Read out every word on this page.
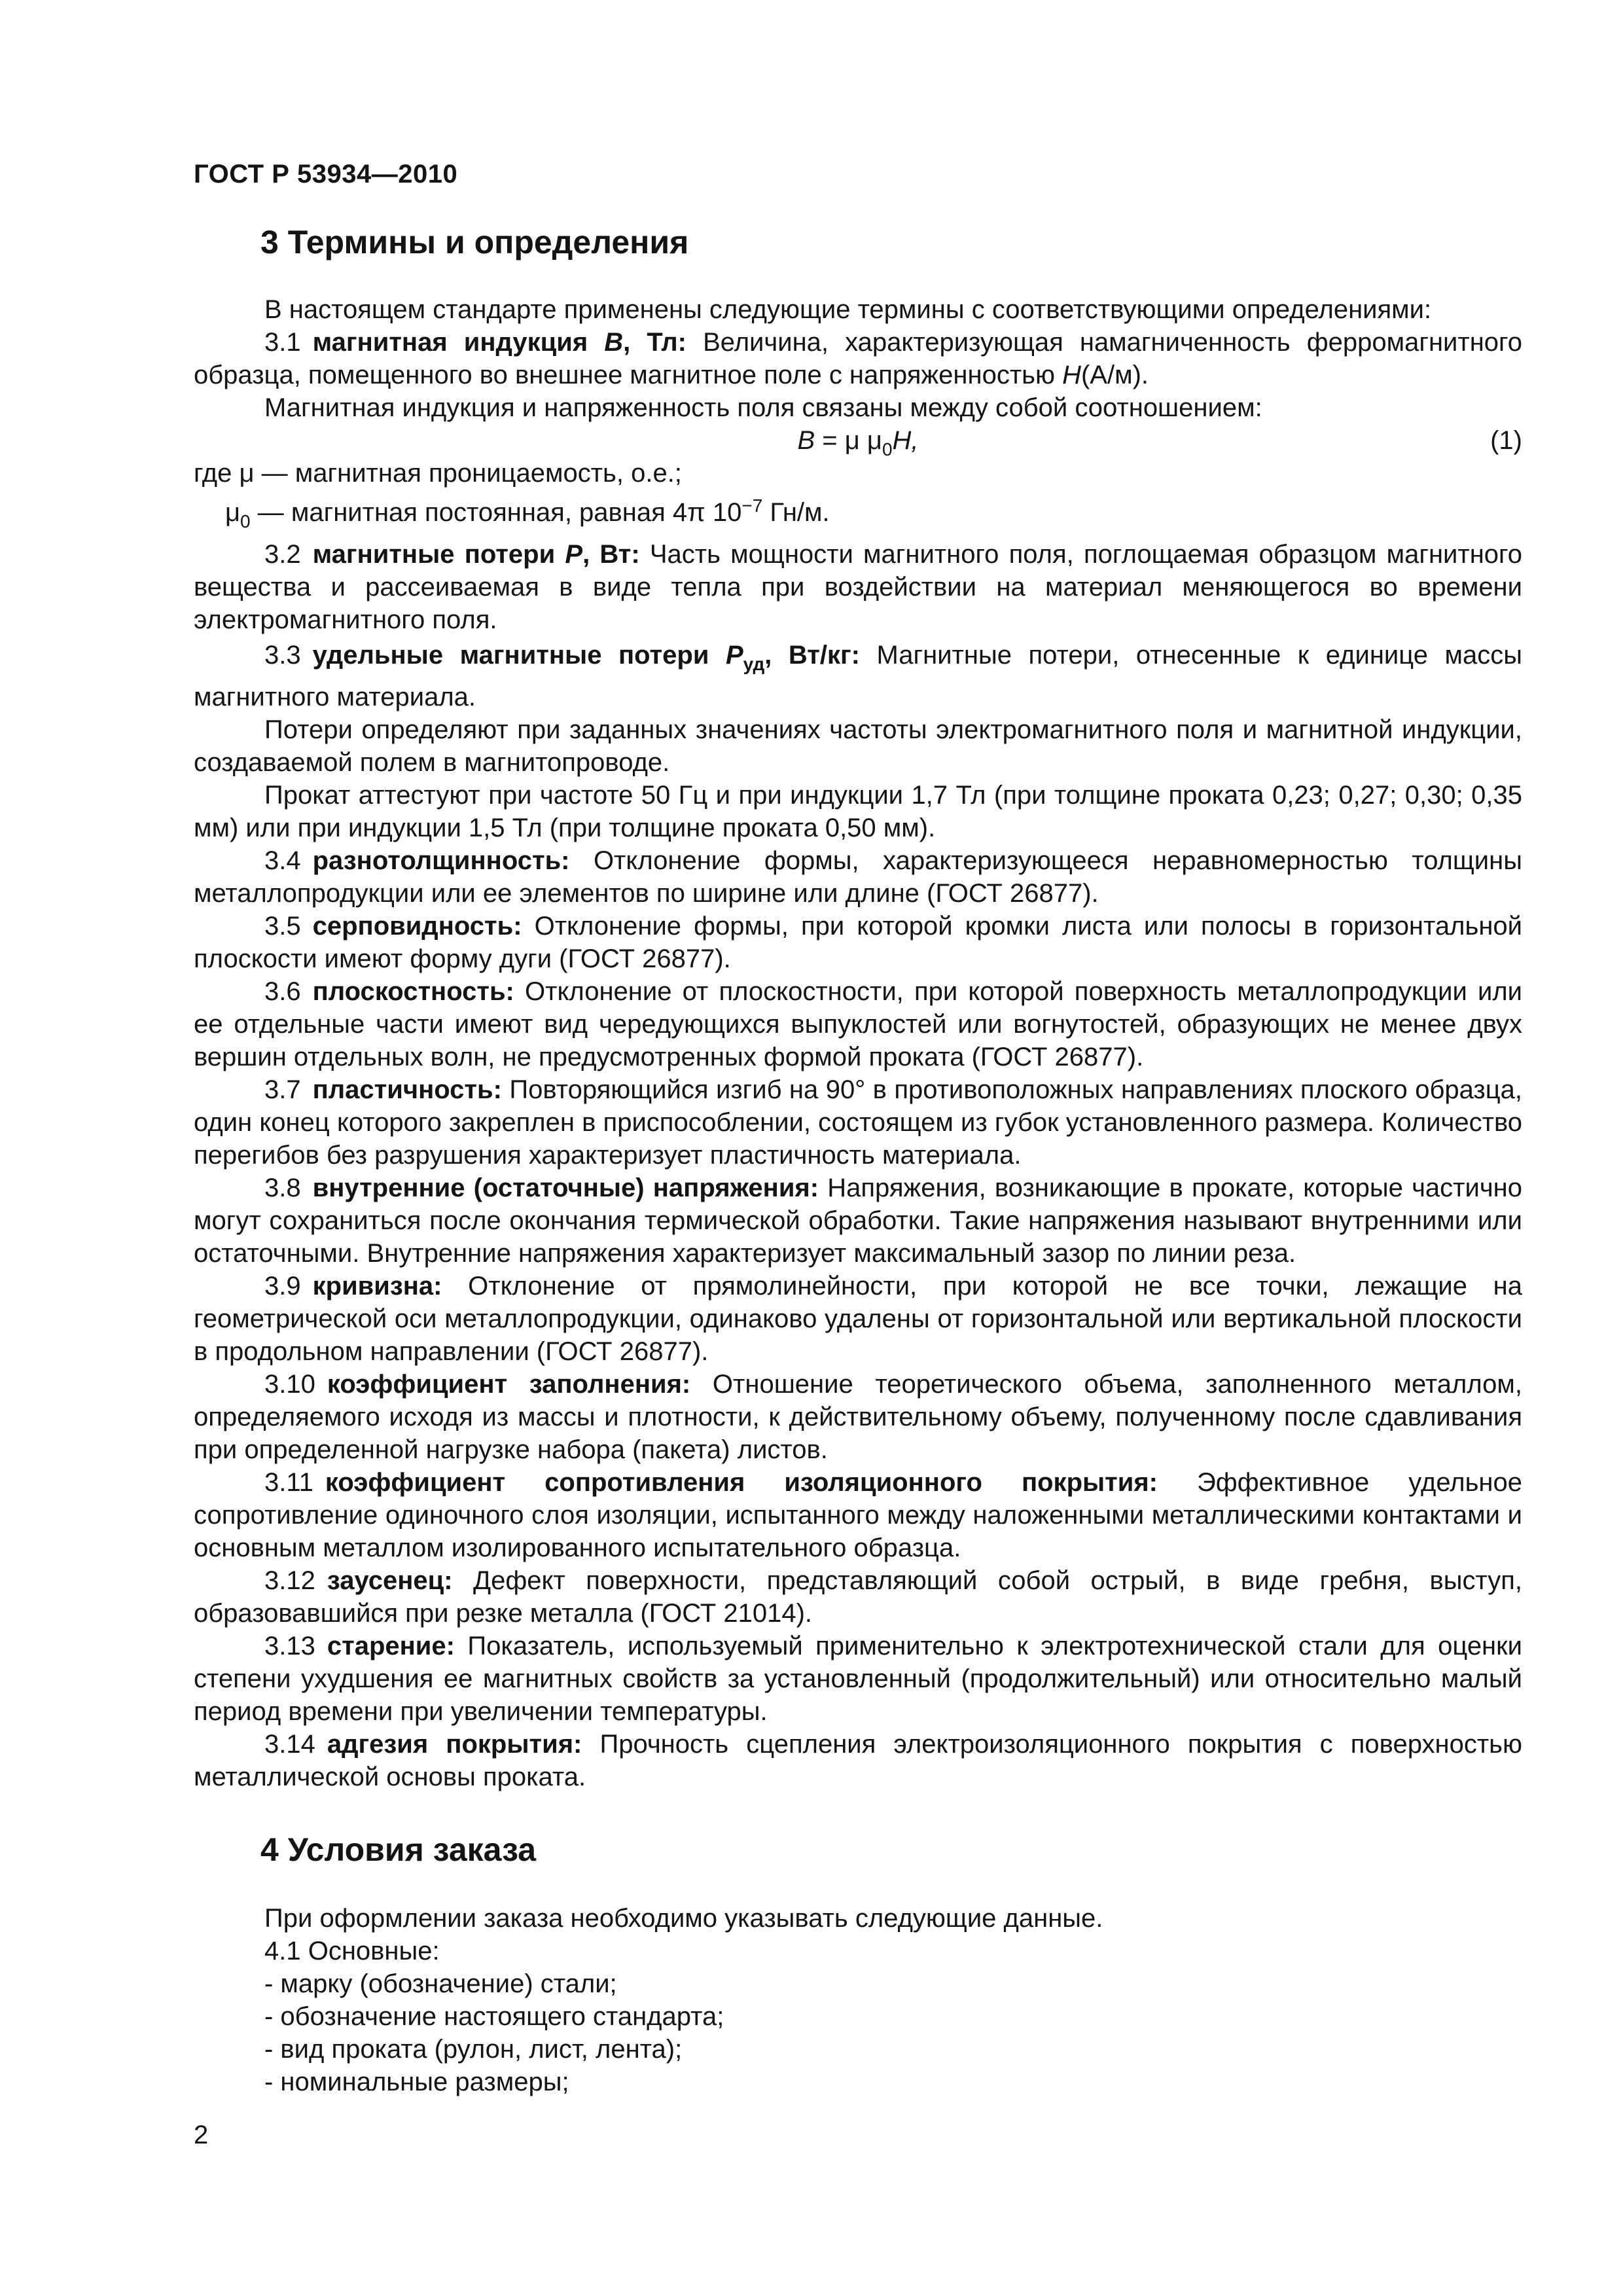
ГОСТ Р 53934—2010
3 Термины и определения

В настоящем стандарте применены следующие термины с соответствующими определениями:

3.1 магнитная индукция B, Тл: Величина, характеризующая намагниченность ферромагнитного образца, помещенного во внешнее магнитное поле с напряженностью H(А/м).

Магнитная индукция и напряженность поля связаны между собой соотношением:

B = μ $\mu_0H$,	(1)

где μ — магнитная проницаемость, о.е.;

$\mu_0$ — магнитная постоянная, равная 4π $10^{-7}$ Гн/м.

3.2 магнитные потери P, Вт: Часть мощности магнитного поля, поглощаемая образцом магнитного вещества и рассеиваемая в виде тепла при воздействии на материал меняющегося во времени электромагнитного поля.

3.3 удельные магнитные потери $P_{уд}$, Вт/кг: Магнитные потери, отнесенные к единице массы магнитного материала.

Потери определяют при заданных значениях частоты электромагнитного поля и магнитной индукции, создаваемой полем в магнитопроводе.

Прокат аттестуют при частоте 50 Гц и при индукции 1,7 Тл (при толщине проката 0,23; 0,27; 0,30; 0,35 мм) или при индукции 1,5 Тл (при толщине проката 0,50 мм).

3.4 разнотолщинность: Отклонение формы, характеризующееся неравномерностью толщины металлопродукции или ее элементов по ширине или длине (ГОСТ 26877).

3.5 серповидность: Отклонение формы, при которой кромки листа или полосы в горизонтальной плоскости имеют форму дуги (ГОСТ 26877).

3.6 плоскостность: Отклонение от плоскостности, при которой поверхность металлопродукции или ее отдельные части имеют вид чередующихся выпуклостей или вогнутостей, образующих не менее двух вершин отдельных волн, не предусмотренных формой проката (ГОСТ 26877).

3.7 пластичность: Повторяющийся изгиб на 90° в противоположных направлениях плоского образца, один конец которого закреплен в приспособлении, состоящем из губок установленного размера. Количество перегибов без разрушения характеризует пластичность материала.

3.8 внутренние (остаточные) напряжения: Напряжения, возникающие в прокате, которые частично могут сохраниться после окончания термической обработки. Такие напряжения называют внутренними или остаточными. Внутренние напряжения характеризует максимальный зазор по линии реза.

3.9 кривизна: Отклонение от прямолинейности, при которой не все точки, лежащие на геометрической оси металлопродукции, одинаково удалены от горизонтальной или вертикальной плоскости в продольном направлении (ГОСТ 26877).

3.10 коэффициент заполнения: Отношение теоретического объема, заполненного металлом, определяемого исходя из массы и плотности, к действительному объему, полученному после сдавливания при определенной нагрузке набора (пакета) листов.

3.11 коэффициент сопротивления изоляционного покрытия: Эффективное удельное сопротивление одиночного слоя изоляции, испытанного между наложенными металлическими контактами и основным металлом изолированного испытательного образца.

3.12 заусенец: Дефект поверхности, представляющий собой острый, в виде гребня, выступ, образовавшийся при резке металла (ГОСТ 21014).

3.13 старение: Показатель, используемый применительно к электротехнической стали для оценки степени ухудшения ее магнитных свойств за установленный (продолжительный) или относительно малый период времени при увеличении температуры.

3.14 адгезия покрытия: Прочность сцепления электроизоляционного покрытия с поверхностью металлической основы проката.

4 Условия заказа

При оформлении заказа необходимо указывать следующие данные.

4.1 Основные:

- марку (обозначение) стали;

- обозначение настоящего стандарта;

- вид проката (рулон, лист, лента);

- номинальные размеры;

2
